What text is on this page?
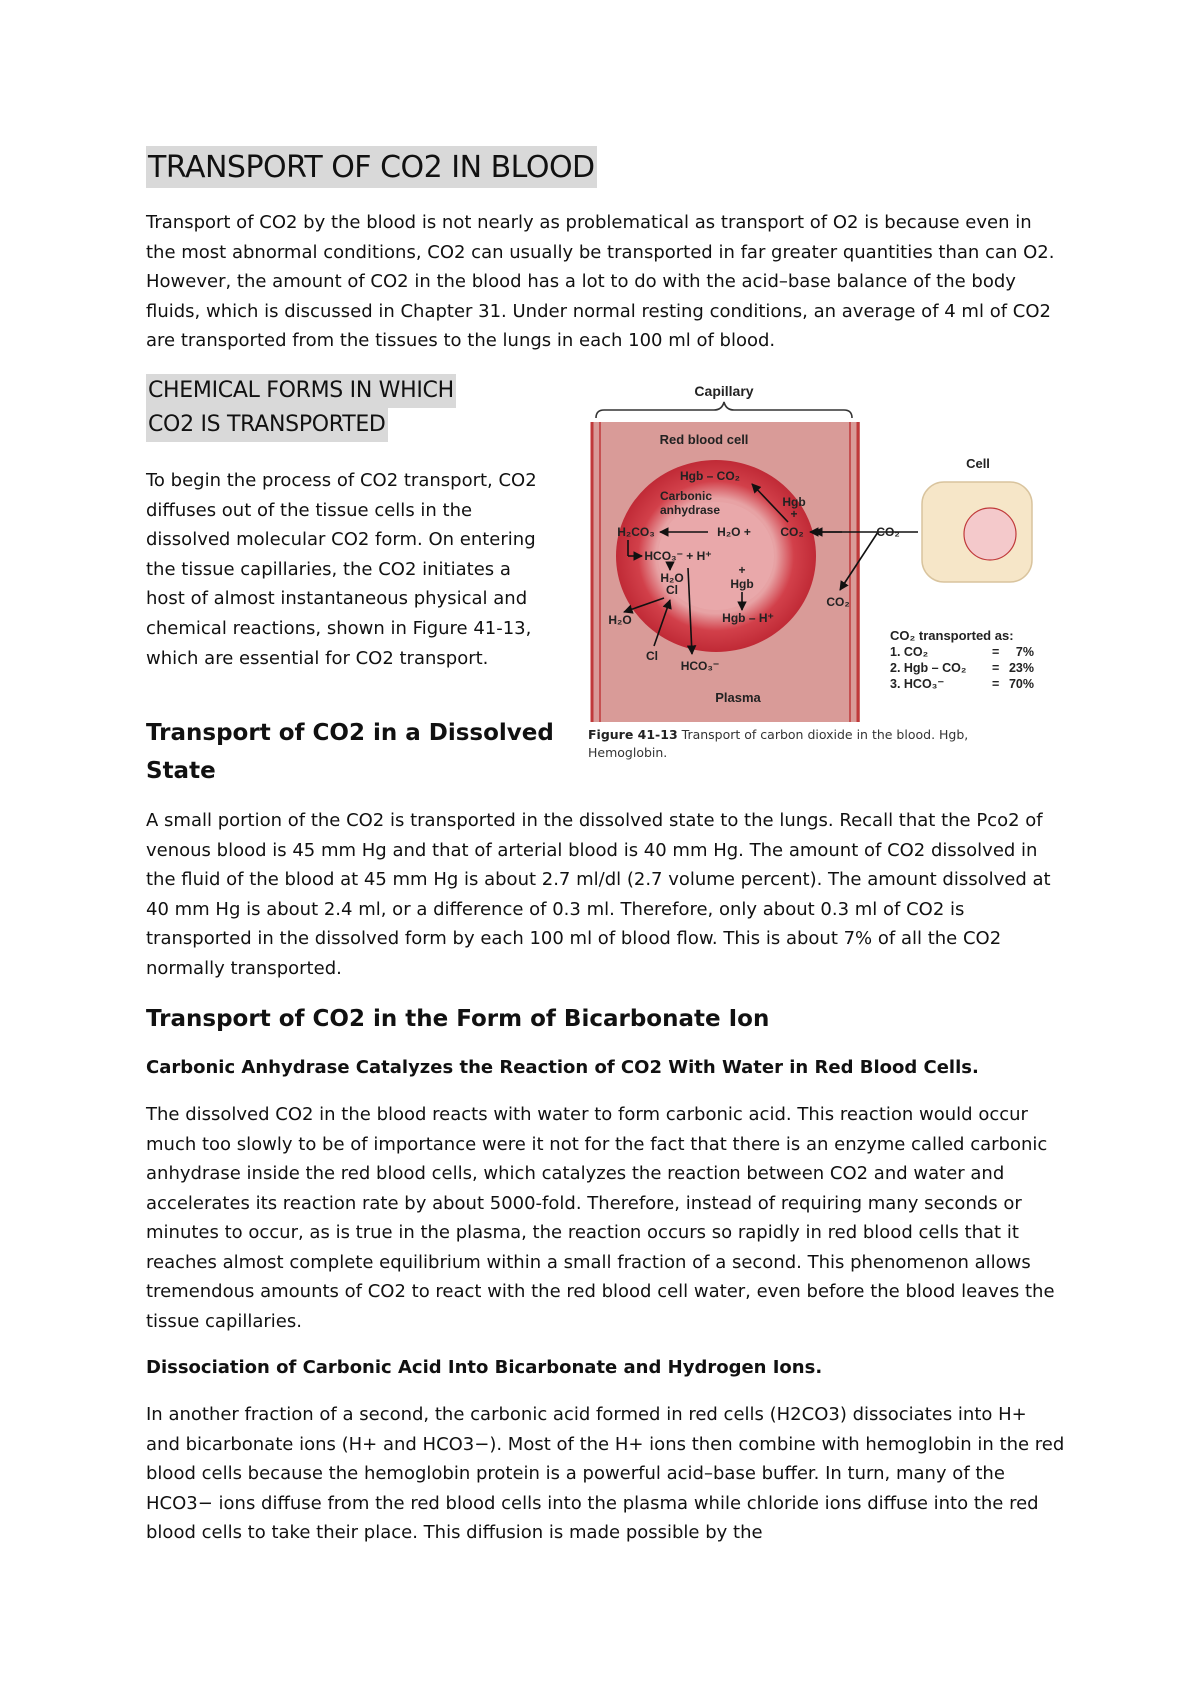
TRANSPORT OF CO2 IN BLOOD

Transport of CO2 by the blood is not nearly as problematical as transport of O2 is because even in the most abnormal conditions, CO2 can usually be transported in far greater quantities than can O2. However, the amount of CO2 in the blood has a lot to do with the acid–base balance of the body fluids, which is discussed in Chapter 31. Under normal resting conditions, an average of 4 ml of CO2 are transported from the tissues to the lungs in each 100 ml of blood.

CHEMICAL FORMS IN WHICH
CO2 IS TRANSPORTED

To begin the process of CO2 transport, CO2 diffuses out of the tissue cells in the dissolved molecular CO2 form. On entering the tissue capillaries, the CO2 initiates a host of almost instantaneous physical and chemical reactions, shown in Figure 41-13, which are essential for CO2 transport.

Transport of CO2 in a Dissolved State

A small portion of the CO2 is transported in the dissolved state to the lungs. Recall that the Pco2 of venous blood is 45 mm Hg and that of arterial blood is 40 mm Hg. The amount of CO2 dissolved in the fluid of the blood at 45 mm Hg is about 2.7 ml/dl (2.7 volume percent). The amount dissolved at 40 mm Hg is about 2.4 ml, or a difference of 0.3 ml. Therefore, only about 0.3 ml of CO2 is transported in the dissolved form by each 100 ml of blood flow. This is about 7% of all the CO2 normally transported.

Transport of CO2 in the Form of Bicarbonate Ion
Carbonic Anhydrase Catalyzes the Reaction of CO2 With Water in Red Blood Cells.

The dissolved CO2 in the blood reacts with water to form carbonic acid. This reaction would occur much too slowly to be of importance were it not for the fact that there is an enzyme called carbonic anhydrase inside the red blood cells, which catalyzes the reaction between CO2 and water and accelerates its reaction rate by about 5000-fold. Therefore, instead of requiring many seconds or minutes to occur, as is true in the plasma, the reaction occurs so rapidly in red blood cells that it reaches almost complete equilibrium within a small fraction of a second. This phenomenon allows tremendous amounts of CO2 to react with the red blood cell water, even before the blood leaves the tissue capillaries.

Dissociation of Carbonic Acid Into Bicarbonate and Hydrogen Ions.

In another fraction of a second, the carbonic acid formed in red cells (H2CO3) dissociates into H+ and bicarbonate ions (H+ and HCO3−). Most of the H+ ions then combine with hemoglobin in the red blood cells because the hemoglobin protein is a powerful acid–base buffer. In turn, many of the HCO3− ions diffuse from the red blood cells into the plasma while chloride ions diffuse into the red blood cells to take their place. This diffusion is made possible by the

Capillary
Red blood cell
Hgb – CO₂
Carbonic
anhydrase
Hgb
+
H₂CO₃	H₂O + CO₂
HCO₃⁻ + H⁺
H₂O
Cl
+
Hgb
Hgb – H⁺
H₂O
Cl
HCO₃⁻
Plasma
CO₂
CO₂
Cell
CO₂ transported as:
1. CO₂	= 7%
2. Hgb – CO₂ = 23%
3. HCO₃⁻	= 70%
Figure 41-13 Transport of carbon dioxide in the blood. Hgb, Hemoglobin.
